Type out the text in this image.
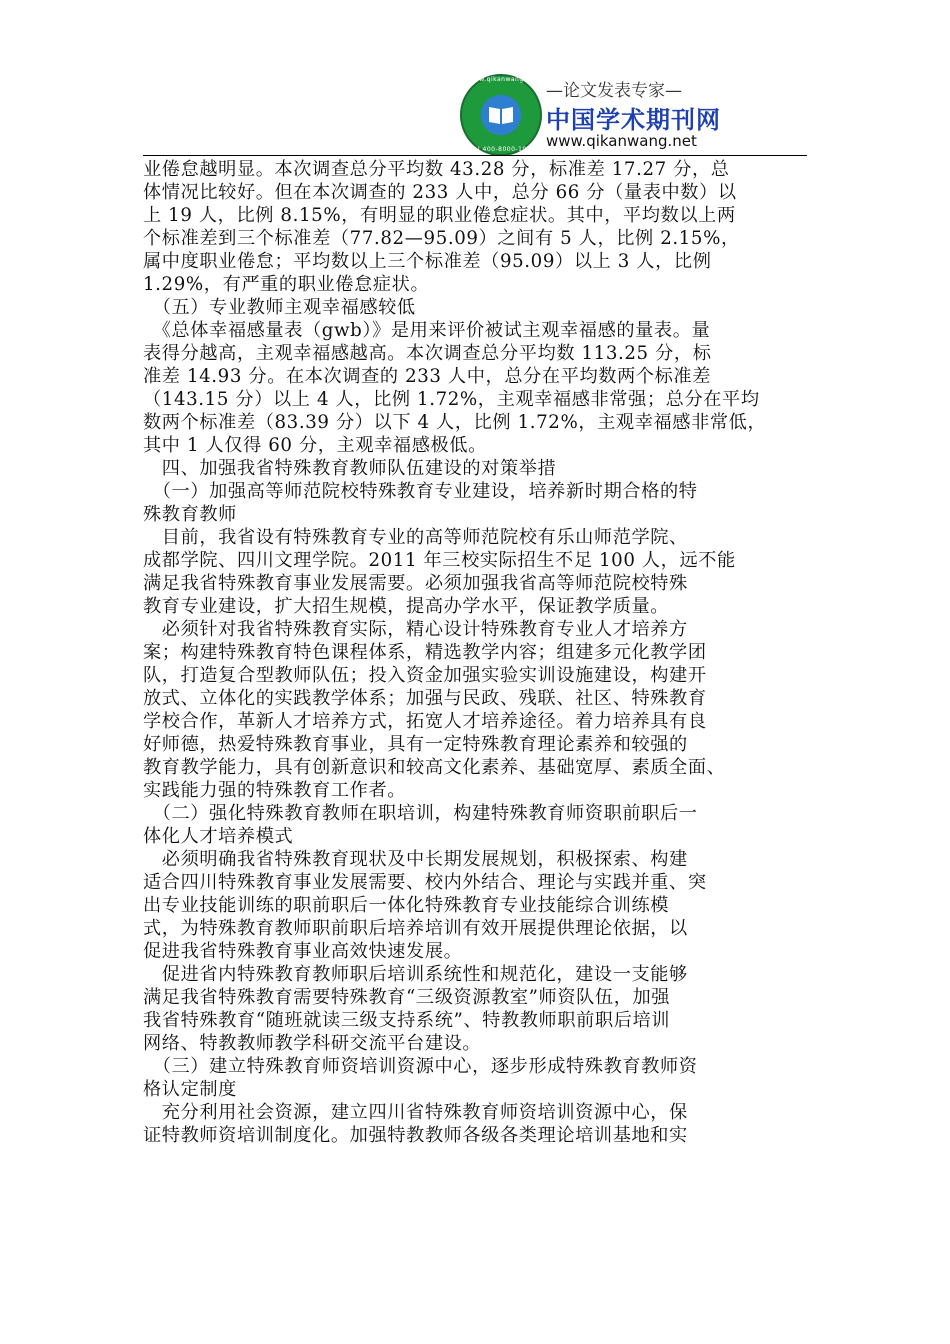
www.qikanwang.net
Tel 400-8000-1922
—论文发表专家—
中国学术期刊网
www.qikanwang.net
业倦怠越明显。本次调查总分平均数 43.28 分，标准差 17.27 分，总
体情况比较好。但在本次调查的 233 人中，总分 66 分（量表中数）以
上 19 人，比例 8.15%，有明显的职业倦怠症状。其中，平均数以上两
个标准差到三个标准差（77.82—95.09）之间有 5 人，比例 2.15%，
属中度职业倦怠；平均数以上三个标准差（95.09）以上 3 人，比例
1.29%，有严重的职业倦怠症状。
　（五）专业教师主观幸福感较低
　《总体幸福感量表（gwb）》是用来评价被试主观幸福感的量表。量
表得分越高，主观幸福感越高。本次调查总分平均数 113.25 分，标
准差 14.93 分。在本次调查的 233 人中，总分在平均数两个标准差
（143.15 分）以上 4 人，比例 1.72%，主观幸福感非常强；总分在平均
数两个标准差（83.39 分）以下 4 人，比例 1.72%，主观幸福感非常低，
其中 1 人仅得 60 分，主观幸福感极低。
　四、加强我省特殊教育教师队伍建设的对策举措
　（一）加强高等师范院校特殊教育专业建设，培养新时期合格的特
殊教育教师
　目前，我省设有特殊教育专业的高等师范院校有乐山师范学院、
成都学院、四川文理学院。2011 年三校实际招生不足 100 人，远不能
满足我省特殊教育事业发展需要。必须加强我省高等师范院校特殊
教育专业建设，扩大招生规模，提高办学水平，保证教学质量。
　必须针对我省特殊教育实际，精心设计特殊教育专业人才培养方
案；构建特殊教育特色课程体系，精选教学内容；组建多元化教学团
队，打造复合型教师队伍；投入资金加强实验实训设施建设，构建开
放式、立体化的实践教学体系；加强与民政、残联、社区、特殊教育
学校合作，革新人才培养方式，拓宽人才培养途径。着力培养具有良
好师德，热爱特殊教育事业，具有一定特殊教育理论素养和较强的
教育教学能力，具有创新意识和较高文化素养、基础宽厚、素质全面、
实践能力强的特殊教育工作者。
　（二）强化特殊教育教师在职培训，构建特殊教育师资职前职后一
体化人才培养模式
　必须明确我省特殊教育现状及中长期发展规划，积极探索、构建
适合四川特殊教育事业发展需要、校内外结合、理论与实践并重、突
出专业技能训练的职前职后一体化特殊教育专业技能综合训练模
式，为特殊教育教师职前职后培养培训有效开展提供理论依据，以
促进我省特殊教育事业高效快速发展。
　促进省内特殊教育教师职后培训系统性和规范化，建设一支能够
满足我省特殊教育需要特殊教育“三级资源教室”师资队伍，加强
我省特殊教育“随班就读三级支持系统”、特教教师职前职后培训
网络、特教教师教学科研交流平台建设。
　（三）建立特殊教育师资培训资源中心，逐步形成特殊教育教师资
格认定制度
　充分利用社会资源，建立四川省特殊教育师资培训资源中心，保
证特教师资培训制度化。加强特教教师各级各类理论培训基地和实
